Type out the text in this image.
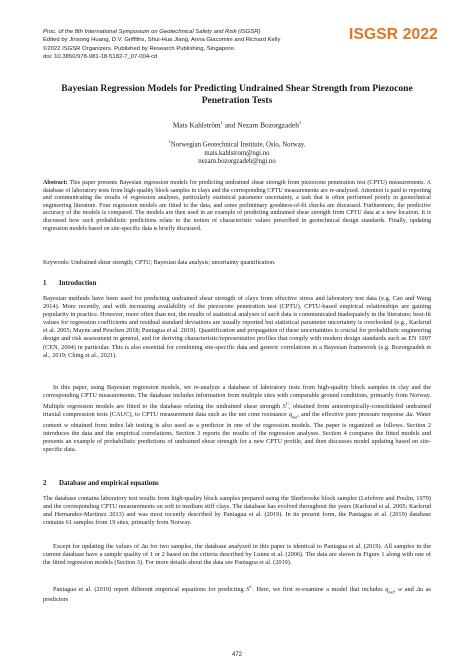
Proc. of the 8th International Symposium on Geotechnical Safety and Risk (ISGSR)
Edited by Jinsong Huang, D.V. Griffiths, Shui-Hua Jiang, Anna Giacomini and Richard Kelly
©2022 ISGSR Organizers. Published by Research Publishing, Singapore.
doi: 10.3850/978-981-18-5182-7_07-004-cd
ISGSR 2022
Bayesian Regression Models for Predicting Undrained Shear Strength from Piezocone Penetration Tests
Mats Kahlström$^1$ and Nezam Bozorgzadeh$^1$
$^1$Norwegian Geotechnical Institute, Oslo, Norway.
mats.kahlstrom@ngi.no
nezam.bozorgzadeh@ngi.no
Abstract: This paper presents Bayesian regression models for predicting undrained shear strength from piezocone penetration test (CPTU) measurements. A database of laboratory tests from high-quality block samples in clays and the corresponding CPTU measurements are re-analyzed. Attention is paid to reporting and communicating the results of regression analyses, particularly statistical parameter uncertainty, a task that is often performed poorly in geotechnical engineering literature. Four regression models are fitted to the data, and some preliminary goodness-of-fit checks are discussed. Furthermore, the predictive accuracy of the models is compared. The models are then used in an example of predicting undrained shear strength from CPTU data at a new location. It is discussed how such probabilistic predictions relate to the notion of characteristic values prescribed in geotechnical design standards. Finally, updating regression models based on site-specific data is briefly discussed.
Keywords: Undrained shear strength; CPTU; Bayesian data analysis; uncertainty quantification.
1 Introduction

Bayesian methods have been used for predicting undrained shear strength of clays from effective stress and laboratory test data (e.g. Cao and Wang 2014). More recently, and with increasing availability of the piezocone penetration test (CPTU), CPTU-based empirical relationships are gaining popularity in practice. However, more often than not, the results of statistical analyses of such data is communicated inadequately in the literature; best-fit values for regression coefficients and residual standard deviations are usually reported but statistical parameter uncertainty is overlooked (e.g., Karlsrud et al. 2005; Mayne and Peuchen 2018; Paniagua et al. 2019). Quantification and propagation of these uncertainties is crucial for probabilistic engineering design and risk assessment in general, and for deriving characteristic/representative profiles that comply with modern design standards such as EN 1997 (CEN, 2004) in particular. This is also essential for combining site-specific data and generic correlations in a Bayesian framework (e.g. Bozorgzadeh et al., 2019; Ching et al., 2021).

In this paper, using Bayesian regression models, we re-analyze a database of laboratory tests from high-quality block samples in clay and the corresponding CPTU measurements. The database includes information from multiple sites with comparable ground conditions, primarily from Norway. Multiple regression models are fitted to the database relating the undrained shear strength $S^C$, obtained from anisotropically-consolidated undrained triaxial compression tests (CAUC), to CPTU measurement data such as the net cone resistance $q_{net}$, and the effective pore pressure response Δu. Water content w obtained from index lab testing is also used as a predictor in one of the regression models. The paper is organized as follows. Section 2 introduces the data and the empirical correlations. Section 3 reports the results of the regression analyses. Section 4 compares the fitted models and presents an example of probabilistic predictions of undrained shear strength for a new CPTU profile, and then discusses model updating based on site-specific data.

2 Database and empirical equations

The database contains laboratory test results from high-quality block samples prepared using the Sherbrooke block sampler (Lefebvre and Poulin, 1979) and the corresponding CPTU measurements on soft to medium stiff clays. The database has evolved throughout the years (Karlsrud et al. 2005; Karlsrud and Hernandez-Martinez 2013) and was most recently described by Paniagua et al. (2019). In its present form, the Paniagua et al. (2019) database contains 61 samples from 19 sites, primarily from Norway.

Except for updating the values of Δu for two samples, the database analyzed in this paper is identical to Paniagua et al. (2019). All samples in the current database have a sample quality of 1 or 2 based on the criteria described by Lunne et al. (2006). The data are shown in Figure 1 along with one of the fitted regression models (Section 3). For more details about the data see Paniagua et al. (2019).

Paniagua et al. (2019) report different empirical equations for predicting $S^C$. Here, we first re-examine a model that includes $q_{net}$, w and Δu as predictors

472
